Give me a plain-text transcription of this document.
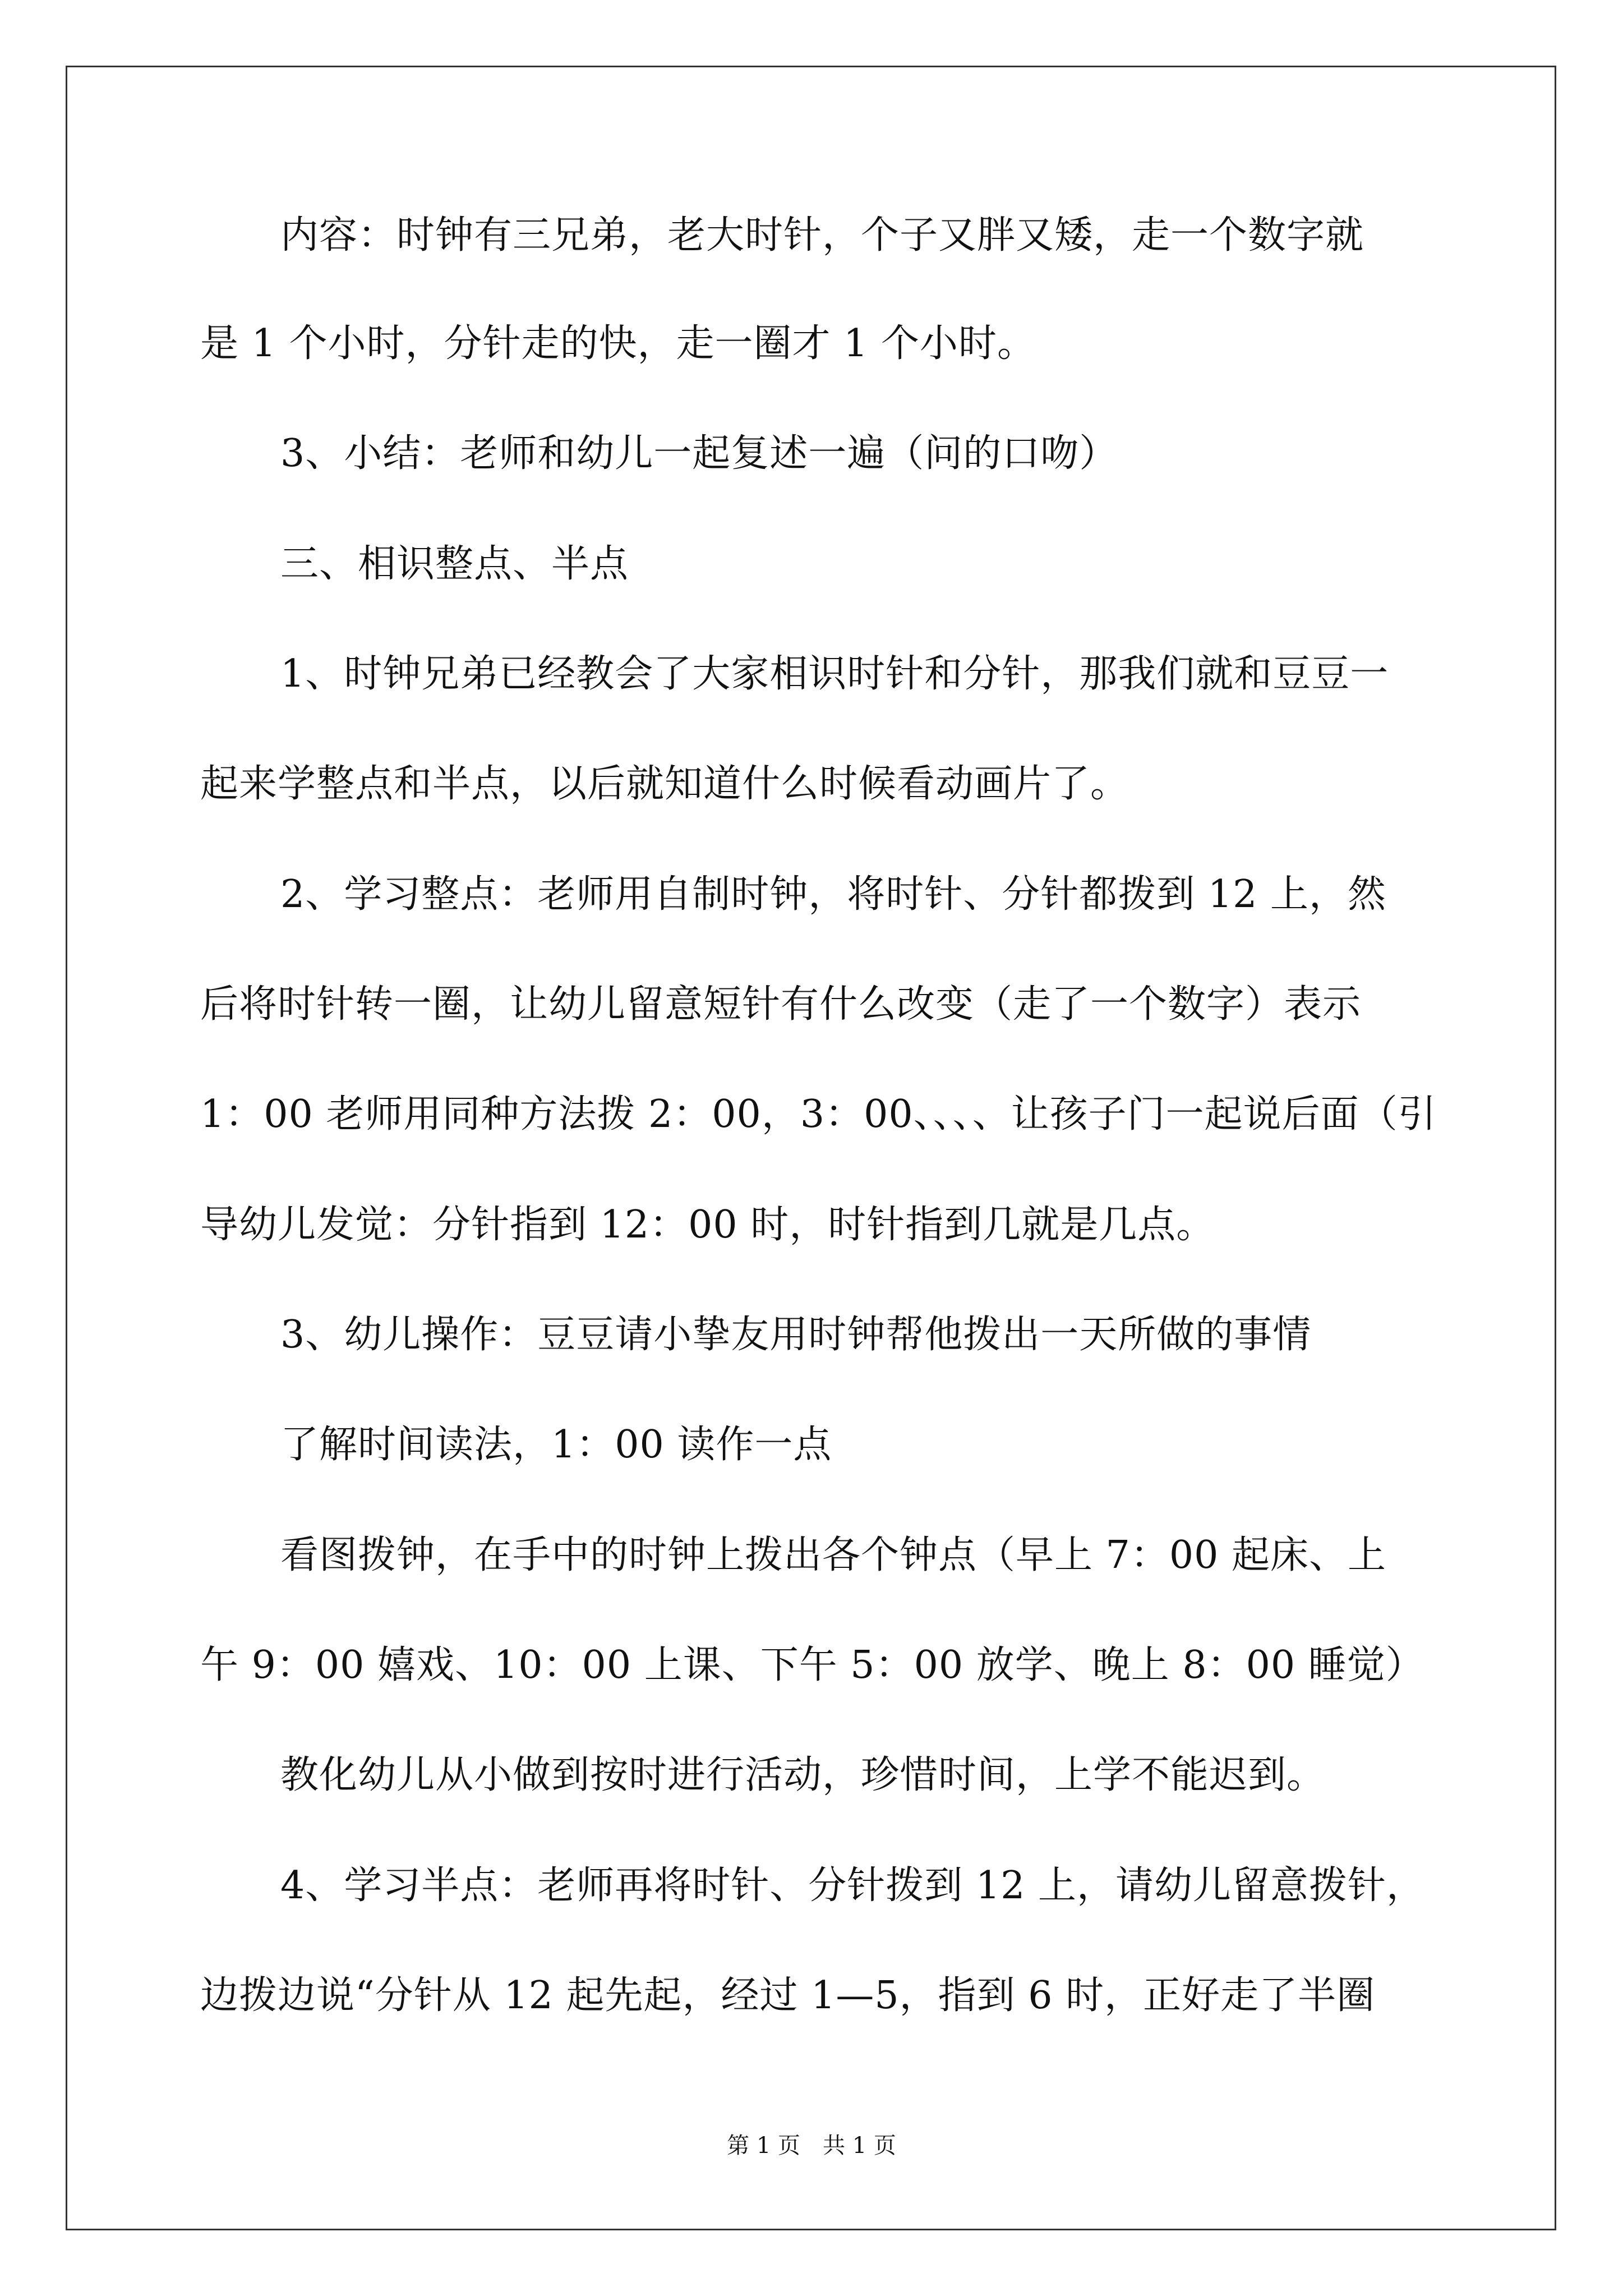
内容：时钟有三兄弟，老大时针，个子又胖又矮，走一个数字就
是 1 个小时，分针走的快，走一圈才 1 个小时。
3、小结：老师和幼儿一起复述一遍（问的口吻）
三、相识整点、半点
1、时钟兄弟已经教会了大家相识时针和分针，那我们就和豆豆一
起来学整点和半点，以后就知道什么时候看动画片了。
2、学习整点：老师用自制时钟，将时针、分针都拨到 12 上，然
后将时针转一圈，让幼儿留意短针有什么改变（走了一个数字）表示
1：00 老师用同种方法拨 2：00，3：00、、、、让孩子门一起说后面（引
导幼儿发觉：分针指到 12：00 时，时针指到几就是几点。
3、幼儿操作：豆豆请小挚友用时钟帮他拨出一天所做的事情
了解时间读法，1：00 读作一点
看图拨钟，在手中的时钟上拨出各个钟点（早上 7：00 起床、上
午 9：00 嬉戏、10：00 上课、下午 5：00 放学、晚上 8：00 睡觉）
教化幼儿从小做到按时进行活动，珍惜时间，上学不能迟到。
4、学习半点：老师再将时针、分针拨到 12 上，请幼儿留意拨针，
边拨边说“分针从 12 起先起，经过 1—5，指到 6 时，正好走了半圈
第 1 页　共 1 页
